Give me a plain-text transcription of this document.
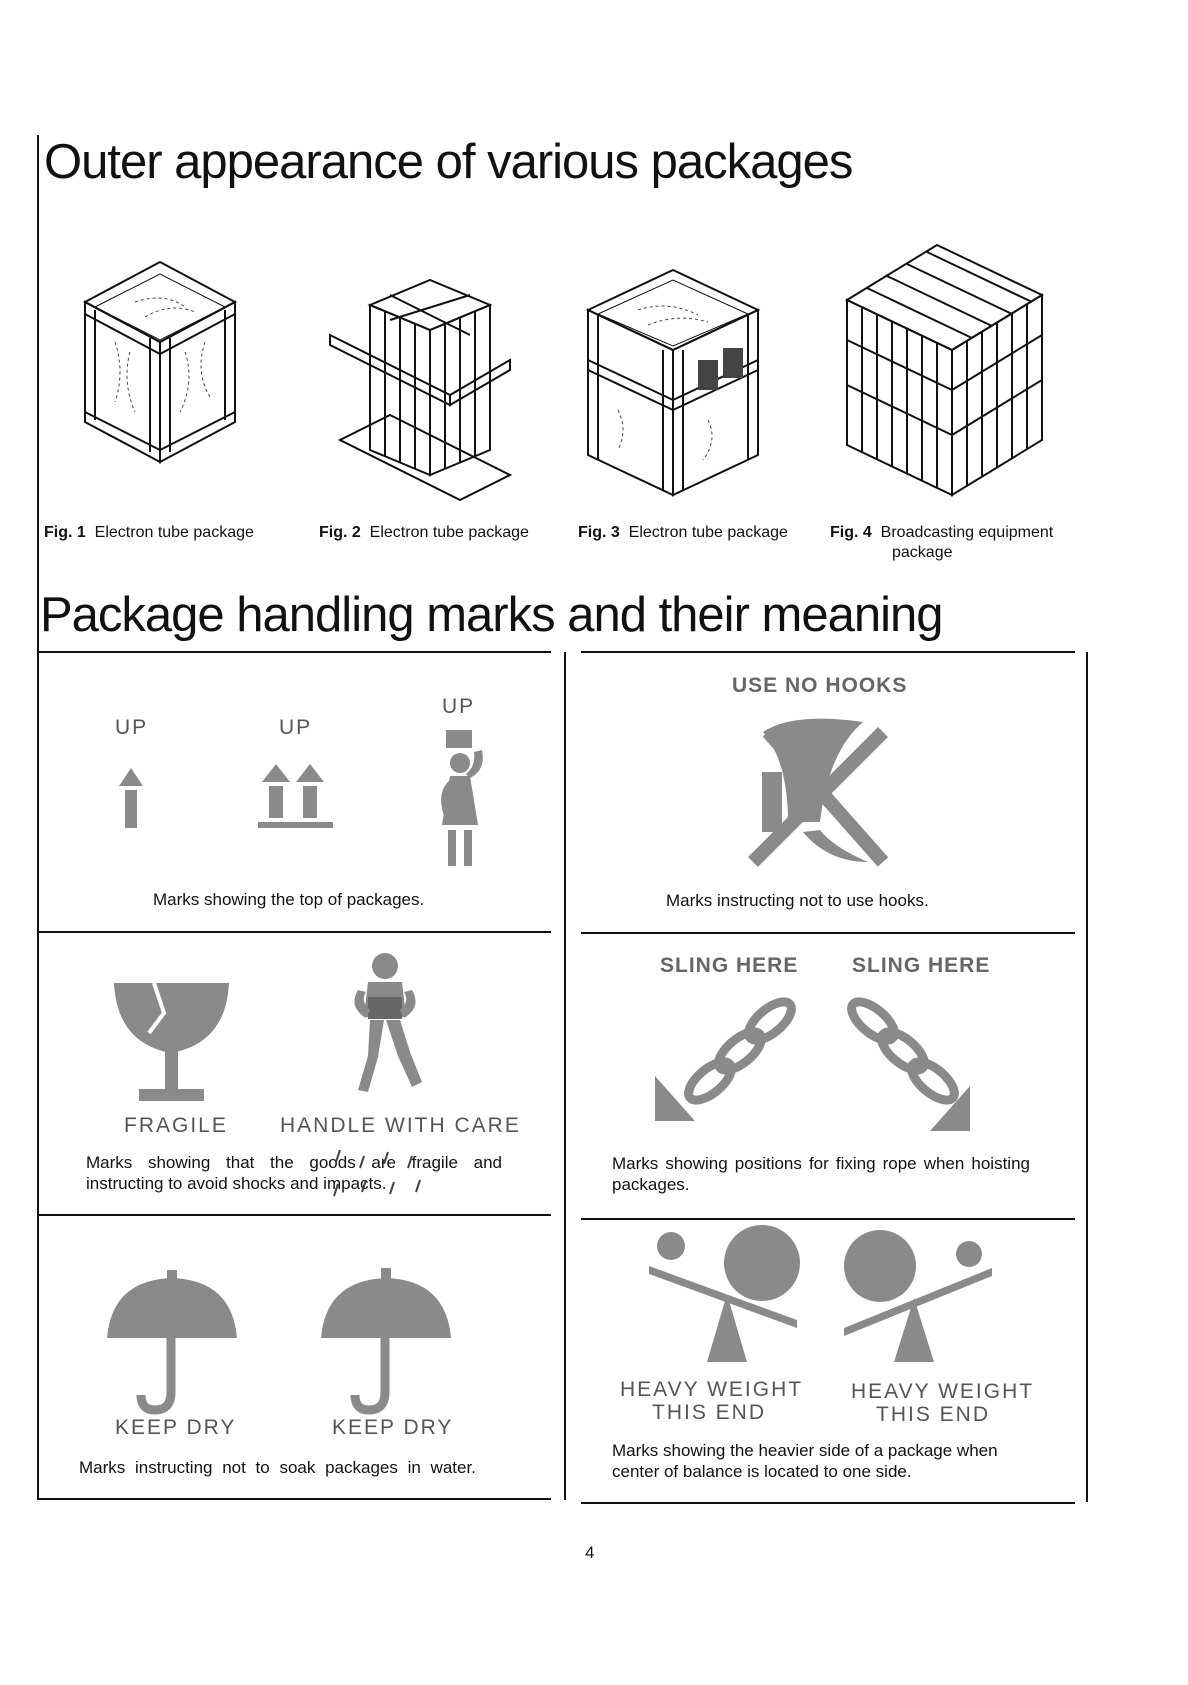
Outer appearance of various packages
Fig. 1 Electron tube package	Fig. 2 Electron tube package	Fig. 3 Electron tube package	Fig. 4 Broadcasting equipment
package
Package handling marks and their meaning
UP	UP
UP
Marks showing the top of packages.
USE NO HOOKS
Marks instructing not to use hooks.
FRAGILE HANDLE WITH CARE
Marks showing that the goods are fragile and instructing to avoid shocks and impacts.
SLING HERE	SLING HERE
Marks showing positions for fixing rope when hoisting packages.
KEEP DRY	KEEP DRY
Marks instructing not to soak packages in water.
HEAVY WEIGHT
THIS END
HEAVY WEIGHT
THIS END
Marks showing the heavier side of a package when center of balance is located to one side.
4
